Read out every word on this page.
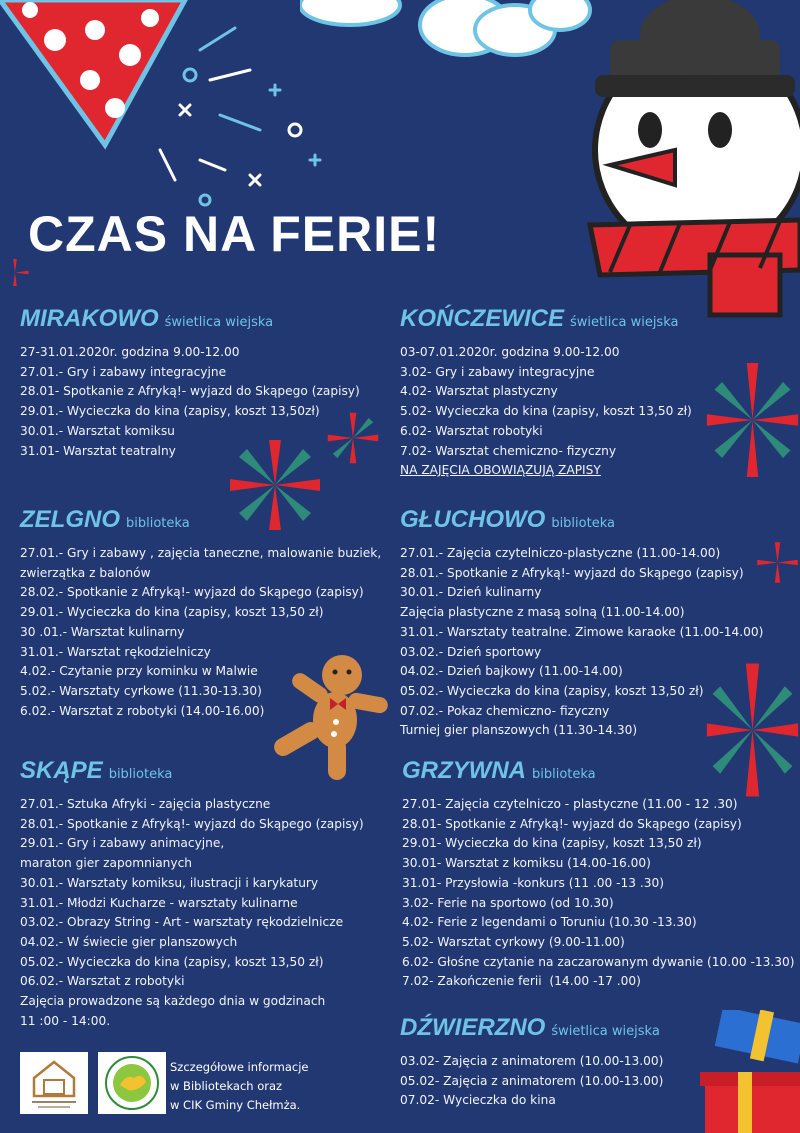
CZAS NA FERIE!
MIRAKOWO świetlica wiejska
27-31.01.2020r. godzina 9.00-12.00
27.01.- Gry i zabawy integracyjne
28.01- Spotkanie z Afryką!- wyjazd do Skąpego (zapisy)
29.01.- Wycieczka do kina (zapisy, koszt 13,50zł)
30.01.- Warsztat komiksu
31.01- Warsztat teatralny
KOŃCZEWICE świetlica wiejska
03-07.01.2020r. godzina 9.00-12.00
3.02- Gry i zabawy integracyjne
4.02- Warsztat plastyczny
5.02- Wycieczka do kina (zapisy, koszt 13,50 zł)
6.02- Warsztat robotyki
7.02- Warsztat chemiczno- fizyczny
NA ZAJĘCIA OBOWIĄZUJĄ ZAPISY
ZELGNO biblioteka
27.01.- Gry i zabawy , zajęcia taneczne, malowanie buziek,
zwierzątka z balonów
28.02.- Spotkanie z Afryką!- wyjazd do Skąpego (zapisy)
29.01.- Wycieczka do kina (zapisy, koszt 13,50 zł)
30 .01.- Warsztat kulinarny
31.01.- Warsztat rękodzielniczy
4.02.- Czytanie przy kominku w Malwie
5.02.- Warsztaty cyrkowe (11.30-13.30)
6.02.- Warsztat z robotyki (14.00-16.00)
GŁUCHOWO biblioteka
27.01.- Zajęcia czytelniczo-plastyczne (11.00-14.00)
28.01.- Spotkanie z Afryką!- wyjazd do Skąpego (zapisy)
30.01.- Dzień kulinarny
Zajęcia plastyczne z masą solną (11.00-14.00)
31.01.- Warsztaty teatralne. Zimowe karaoke (11.00-14.00)
03.02.- Dzień sportowy
04.02.- Dzień bajkowy (11.00-14.00)
05.02.- Wycieczka do kina (zapisy, koszt 13,50 zł)
07.02.- Pokaz chemiczno- fizyczny
Turniej gier planszowych (11.30-14.30)
SKĄPE biblioteka
27.01.- Sztuka Afryki - zajęcia plastyczne
28.01.- Spotkanie z Afryką!- wyjazd do Skąpego (zapisy)
29.01.- Gry i zabawy animacyjne,
maraton gier zapomnianych
30.01.- Warsztaty komiksu, ilustracji i karykatury
31.01.- Młodzi Kucharze - warsztaty kulinarne
03.02.- Obrazy String - Art - warsztaty rękodzielnicze
04.02.- W świecie gier planszowych
05.02.- Wycieczka do kina (zapisy, koszt 13,50 zł)
06.02.- Warsztat z robotyki
Zajęcia prowadzone są każdego dnia w godzinach
11 :00 - 14:00.
GRZYWNA biblioteka
27.01- Zajęcia czytelniczo - plastyczne (11.00 - 12 .30)
28.01- Spotkanie z Afryką!- wyjazd do Skąpego (zapisy)
29.01- Wycieczka do kina (zapisy, koszt 13,50 zł)
30.01- Warsztat z komiksu (14.00-16.00)
31.01- Przysłowia -konkurs (11 .00 -13 .30)
3.02- Ferie na sportowo (od 10.30)
4.02- Ferie z legendami o Toruniu (10.30 -13.30)
5.02- Warsztat cyrkowy (9.00-11.00)
6.02- Głośne czytanie na zaczarowanym dywanie (10.00 -13.30)
7.02- Zakończenie ferii  (14.00 -17 .00)
DŹWIERZNO świetlica wiejska
03.02- Zajęcia z animatorem (10.00-13.00)
05.02- Zajęcia z animatorem (10.00-13.00)
07.02- Wycieczka do kina
Szczegółowe informacje
w Bibliotekach oraz
w CIK Gminy Chełmża.
